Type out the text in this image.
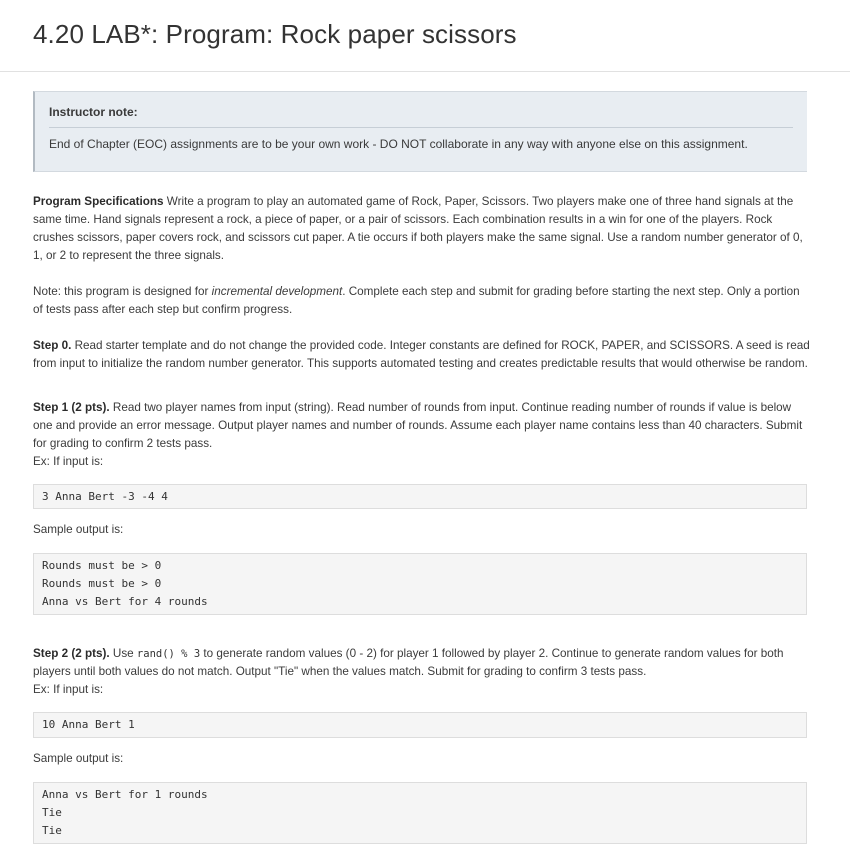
4.20 LAB*: Program: Rock paper scissors
Instructor note:
End of Chapter (EOC) assignments are to be your own work - DO NOT collaborate in any way with anyone else on this assignment.

Program Specifications Write a program to play an automated game of Rock, Paper, Scissors. Two players make one of three hand signals at the same time. Hand signals represent a rock, a piece of paper, or a pair of scissors. Each combination results in a win for one of the players. Rock crushes scissors, paper covers rock, and scissors cut paper. A tie occurs if both players make the same signal. Use a random number generator of 0, 1, or 2 to represent the three signals.

Note: this program is designed for incremental development. Complete each step and submit for grading before starting the next step. Only a portion of tests pass after each step but confirm progress.

Step 0. Read starter template and do not change the provided code. Integer constants are defined for ROCK, PAPER, and SCISSORS. A seed is read from input to initialize the random number generator. This supports automated testing and creates predictable results that would otherwise be random.

Step 1 (2 pts). Read two player names from input (string). Read number of rounds from input. Continue reading number of rounds if value is below one and provide an error message. Output player names and number of rounds. Assume each player name contains less than 40 characters. Submit for grading to confirm 2 tests pass.
Ex: If input is:

3 Anna Bert -3 -4 4
Sample output is:
Rounds must be > 0
Rounds must be > 0
Anna vs Bert for 4 rounds

Step 2 (2 pts). Use rand() % 3 to generate random values (0 - 2) for player 1 followed by player 2. Continue to generate random values for both players until both values do not match. Output "Tie" when the values match. Submit for grading to confirm 3 tests pass.
Ex: If input is:

10 Anna Bert 1
Sample output is:
Anna vs Bert for 1 rounds
Tie
Tie
